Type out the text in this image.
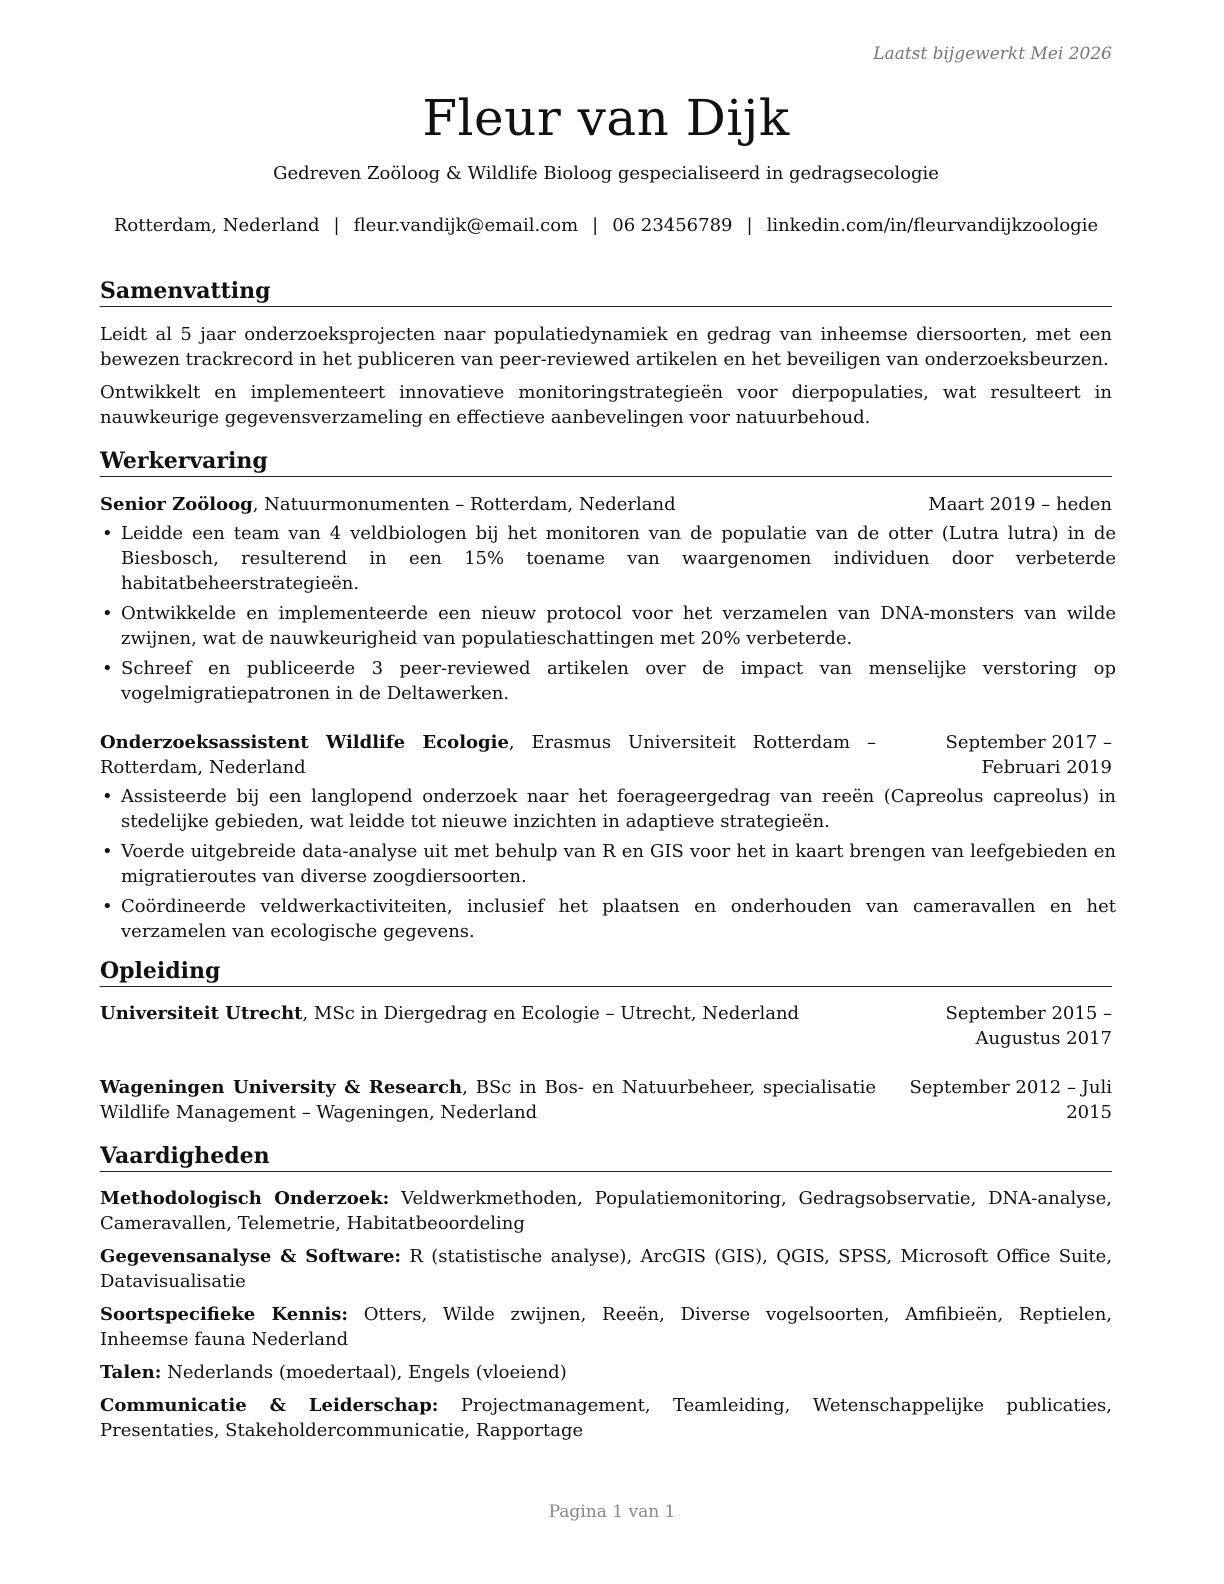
Laatst bijgewerkt Mei 2026
Fleur van Dijk
Gedreven Zoöloog & Wildlife Bioloog gespecialiseerd in gedragsecologie
Rotterdam, Nederland | fleur.vandijk@email.com | 06 23456789 | linkedin.com/in/fleurvandijkzoologie
Samenvatting
Leidt al 5 jaar onderzoeksprojecten naar populatiedynamiek en gedrag van inheemse diersoorten, met een bewezen trackrecord in het publiceren van peer-reviewed artikelen en het beveiligen van onderzoeksbeurzen.
Ontwikkelt en implementeert innovatieve monitoringstrategieën voor dierpopulaties, wat resulteert in nauwkeurige gegevensverzameling en effectieve aanbevelingen voor natuurbehoud.
Werkervaring
Senior Zoöloog, Natuurmonumenten – Rotterdam, Nederland	Maart 2019 – heden
• Leidde een team van 4 veldbiologen bij het monitoren van de populatie van de otter (Lutra lutra) in de Biesbosch, resulterend in een 15% toename van waargenomen individuen door verbeterde habitatbeheerstrategieën.
• Ontwikkelde en implementeerde een nieuw protocol voor het verzamelen van DNA-monsters van wilde zwijnen, wat de nauwkeurigheid van populatieschattingen met 20% verbeterde.
• Schreef en publiceerde 3 peer-reviewed artikelen over de impact van menselijke verstoring op vogelmigratiepatronen in de Deltawerken.
Onderzoeksassistent Wildlife Ecologie, Erasmus Universiteit Rotterdam – Rotterdam, Nederland
September 2017 – Februari 2019
• Assisteerde bij een langlopend onderzoek naar het foerageergedrag van reeën (Capreolus capreolus) in stedelijke gebieden, wat leidde tot nieuwe inzichten in adaptieve strategieën.
• Voerde uitgebreide data-analyse uit met behulp van R en GIS voor het in kaart brengen van leefgebieden en migratieroutes van diverse zoogdiersoorten.
• Coördineerde veldwerkactiviteiten, inclusief het plaatsen en onderhouden van cameravallen en het verzamelen van ecologische gegevens.
Opleiding
Universiteit Utrecht, MSc in Diergedrag en Ecologie – Utrecht, Nederland	September 2015 – Augustus 2017
Wageningen University & Research, BSc in Bos- en Natuurbeheer, specialisatie Wildlife Management – Wageningen, Nederland
September 2012 – Juli 2015
Vaardigheden
Methodologisch Onderzoek: Veldwerkmethoden, Populatiemonitoring, Gedragsobservatie, DNA-analyse, Cameravallen, Telemetrie, Habitatbeoordeling
Gegevensanalyse & Software: R (statistische analyse), ArcGIS (GIS), QGIS, SPSS, Microsoft Office Suite, Datavisualisatie
Soortspecifieke Kennis: Otters, Wilde zwijnen, Reeën, Diverse vogelsoorten, Amfibieën, Reptielen, Inheemse fauna Nederland
Talen: Nederlands (moedertaal), Engels (vloeiend)
Communicatie & Leiderschap: Projectmanagement, Teamleiding, Wetenschappelijke publicaties, Presentaties, Stakeholdercommunicatie, Rapportage
Pagina 1 van 1
